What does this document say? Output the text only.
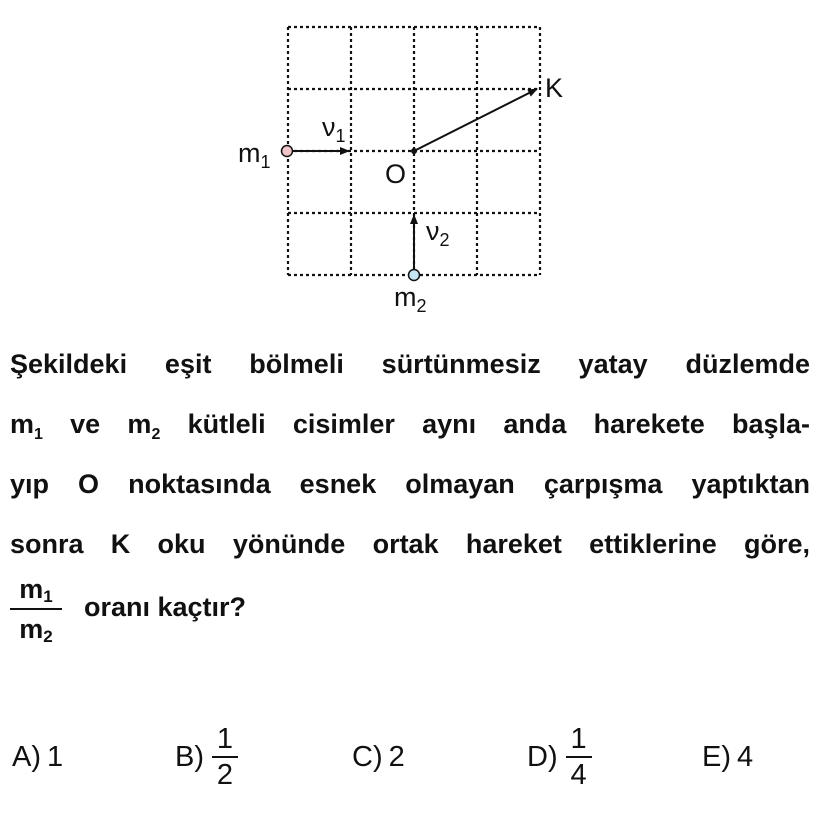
$m_1$
$\nu_1$
O
K
$\nu_2$
$m_2$
Şekildeki eşit bölmeli sürtünmesiz yatay düzlemde
$m_1$ ve $m_2$ kütleli cisimler aynı anda harekete başla-
yıp O noktasında esnek olmayan çarpışma yaptıktan
sonra K oku yönünde ortak hareket ettiklerine göre,
$m_1$
$m_2$
oranı kaçtır?
A) 1	$B) \frac{1}{2}$	C) 2	$D) \frac{1}{4}$	E) 4
